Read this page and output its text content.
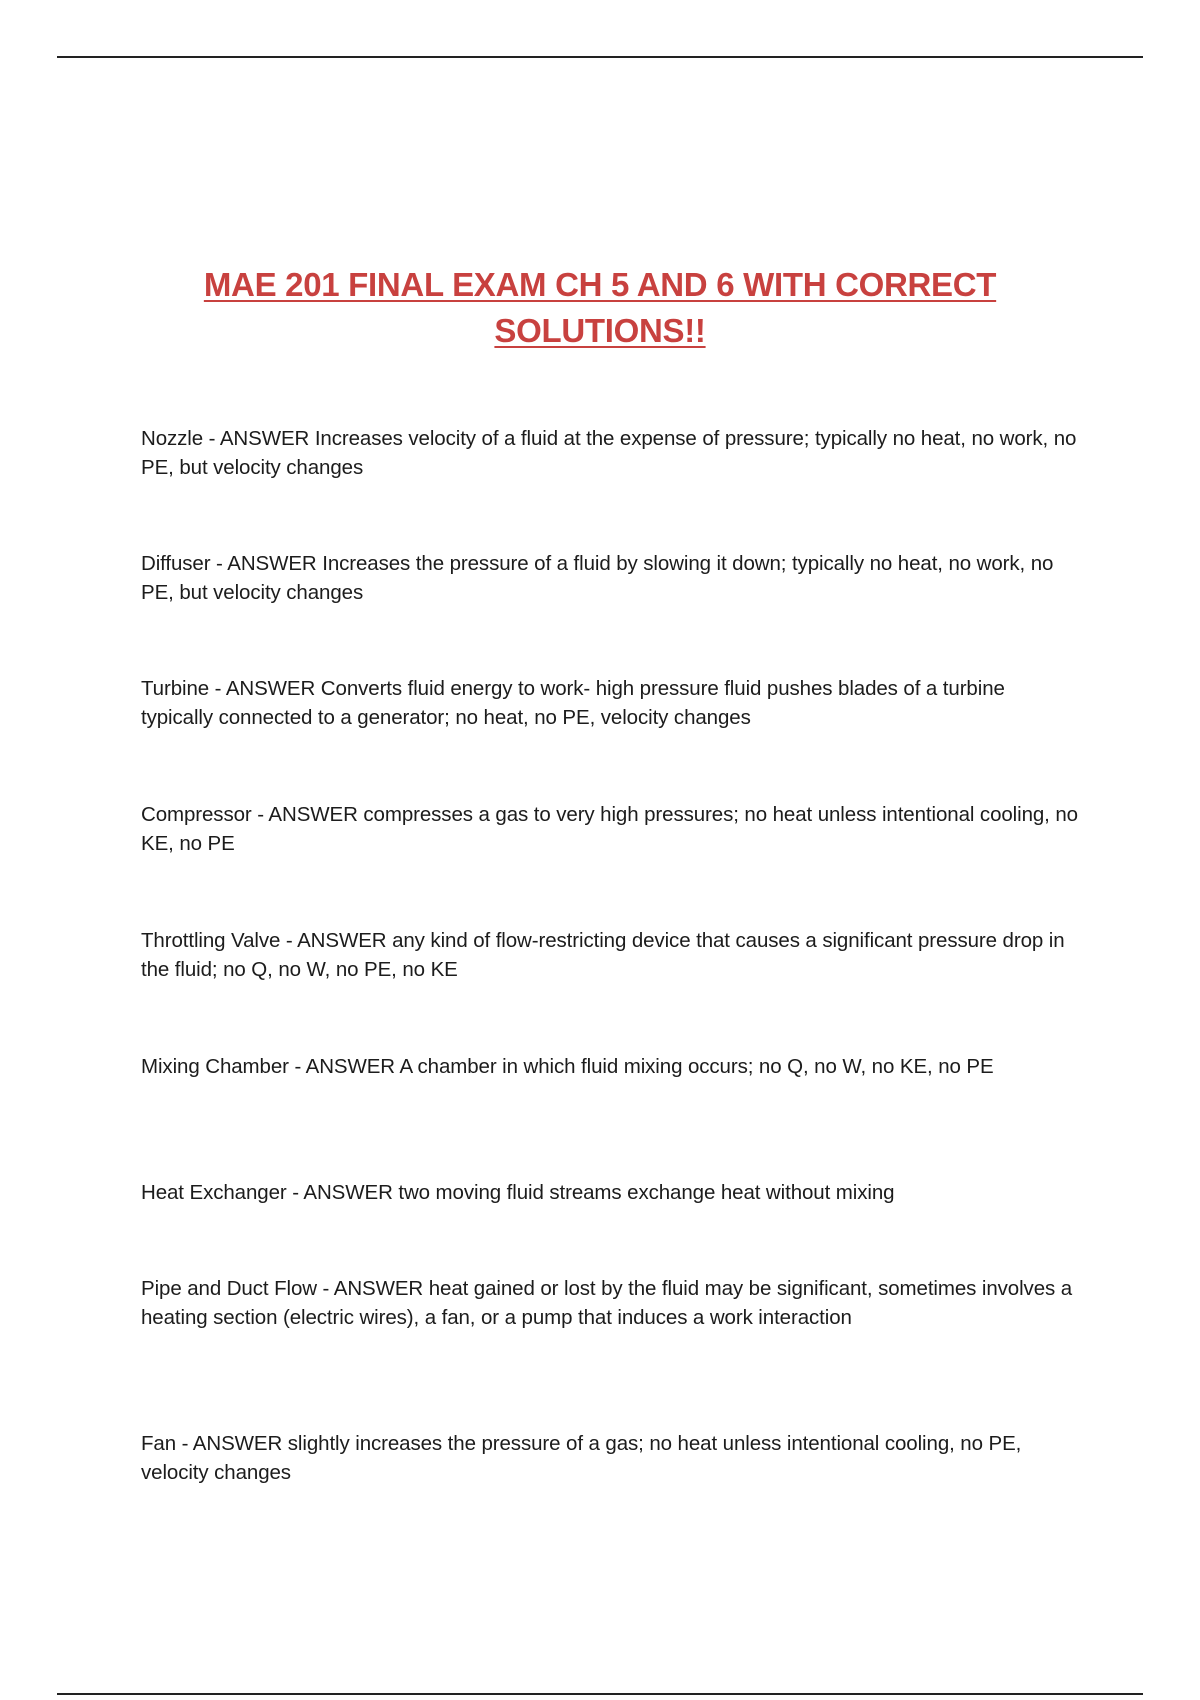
MAE 201 FINAL EXAM CH 5 AND 6 WITH CORRECT SOLUTIONS!!
Nozzle - ANSWER Increases velocity of a fluid at the expense of pressure; typically no heat, no work, no PE, but velocity changes
Diffuser - ANSWER Increases the pressure of a fluid by slowing it down; typically no heat, no work, no PE, but velocity changes
Turbine - ANSWER Converts fluid energy to work- high pressure fluid pushes blades of a turbine typically connected to a generator; no heat, no PE, velocity changes
Compressor - ANSWER compresses a gas to very high pressures; no heat unless intentional cooling, no KE, no PE
Throttling Valve - ANSWER any kind of flow-restricting device that causes a significant pressure drop in the fluid; no Q, no W, no PE, no KE
Mixing Chamber - ANSWER A chamber in which fluid mixing occurs; no Q, no W, no KE, no PE
Heat Exchanger - ANSWER two moving fluid streams exchange heat without mixing
Pipe and Duct Flow - ANSWER heat gained or lost by the fluid may be significant, sometimes involves a heating section (electric wires), a fan, or a pump that induces a work interaction
Fan - ANSWER slightly increases the pressure of a gas; no heat unless intentional cooling, no PE, velocity changes
